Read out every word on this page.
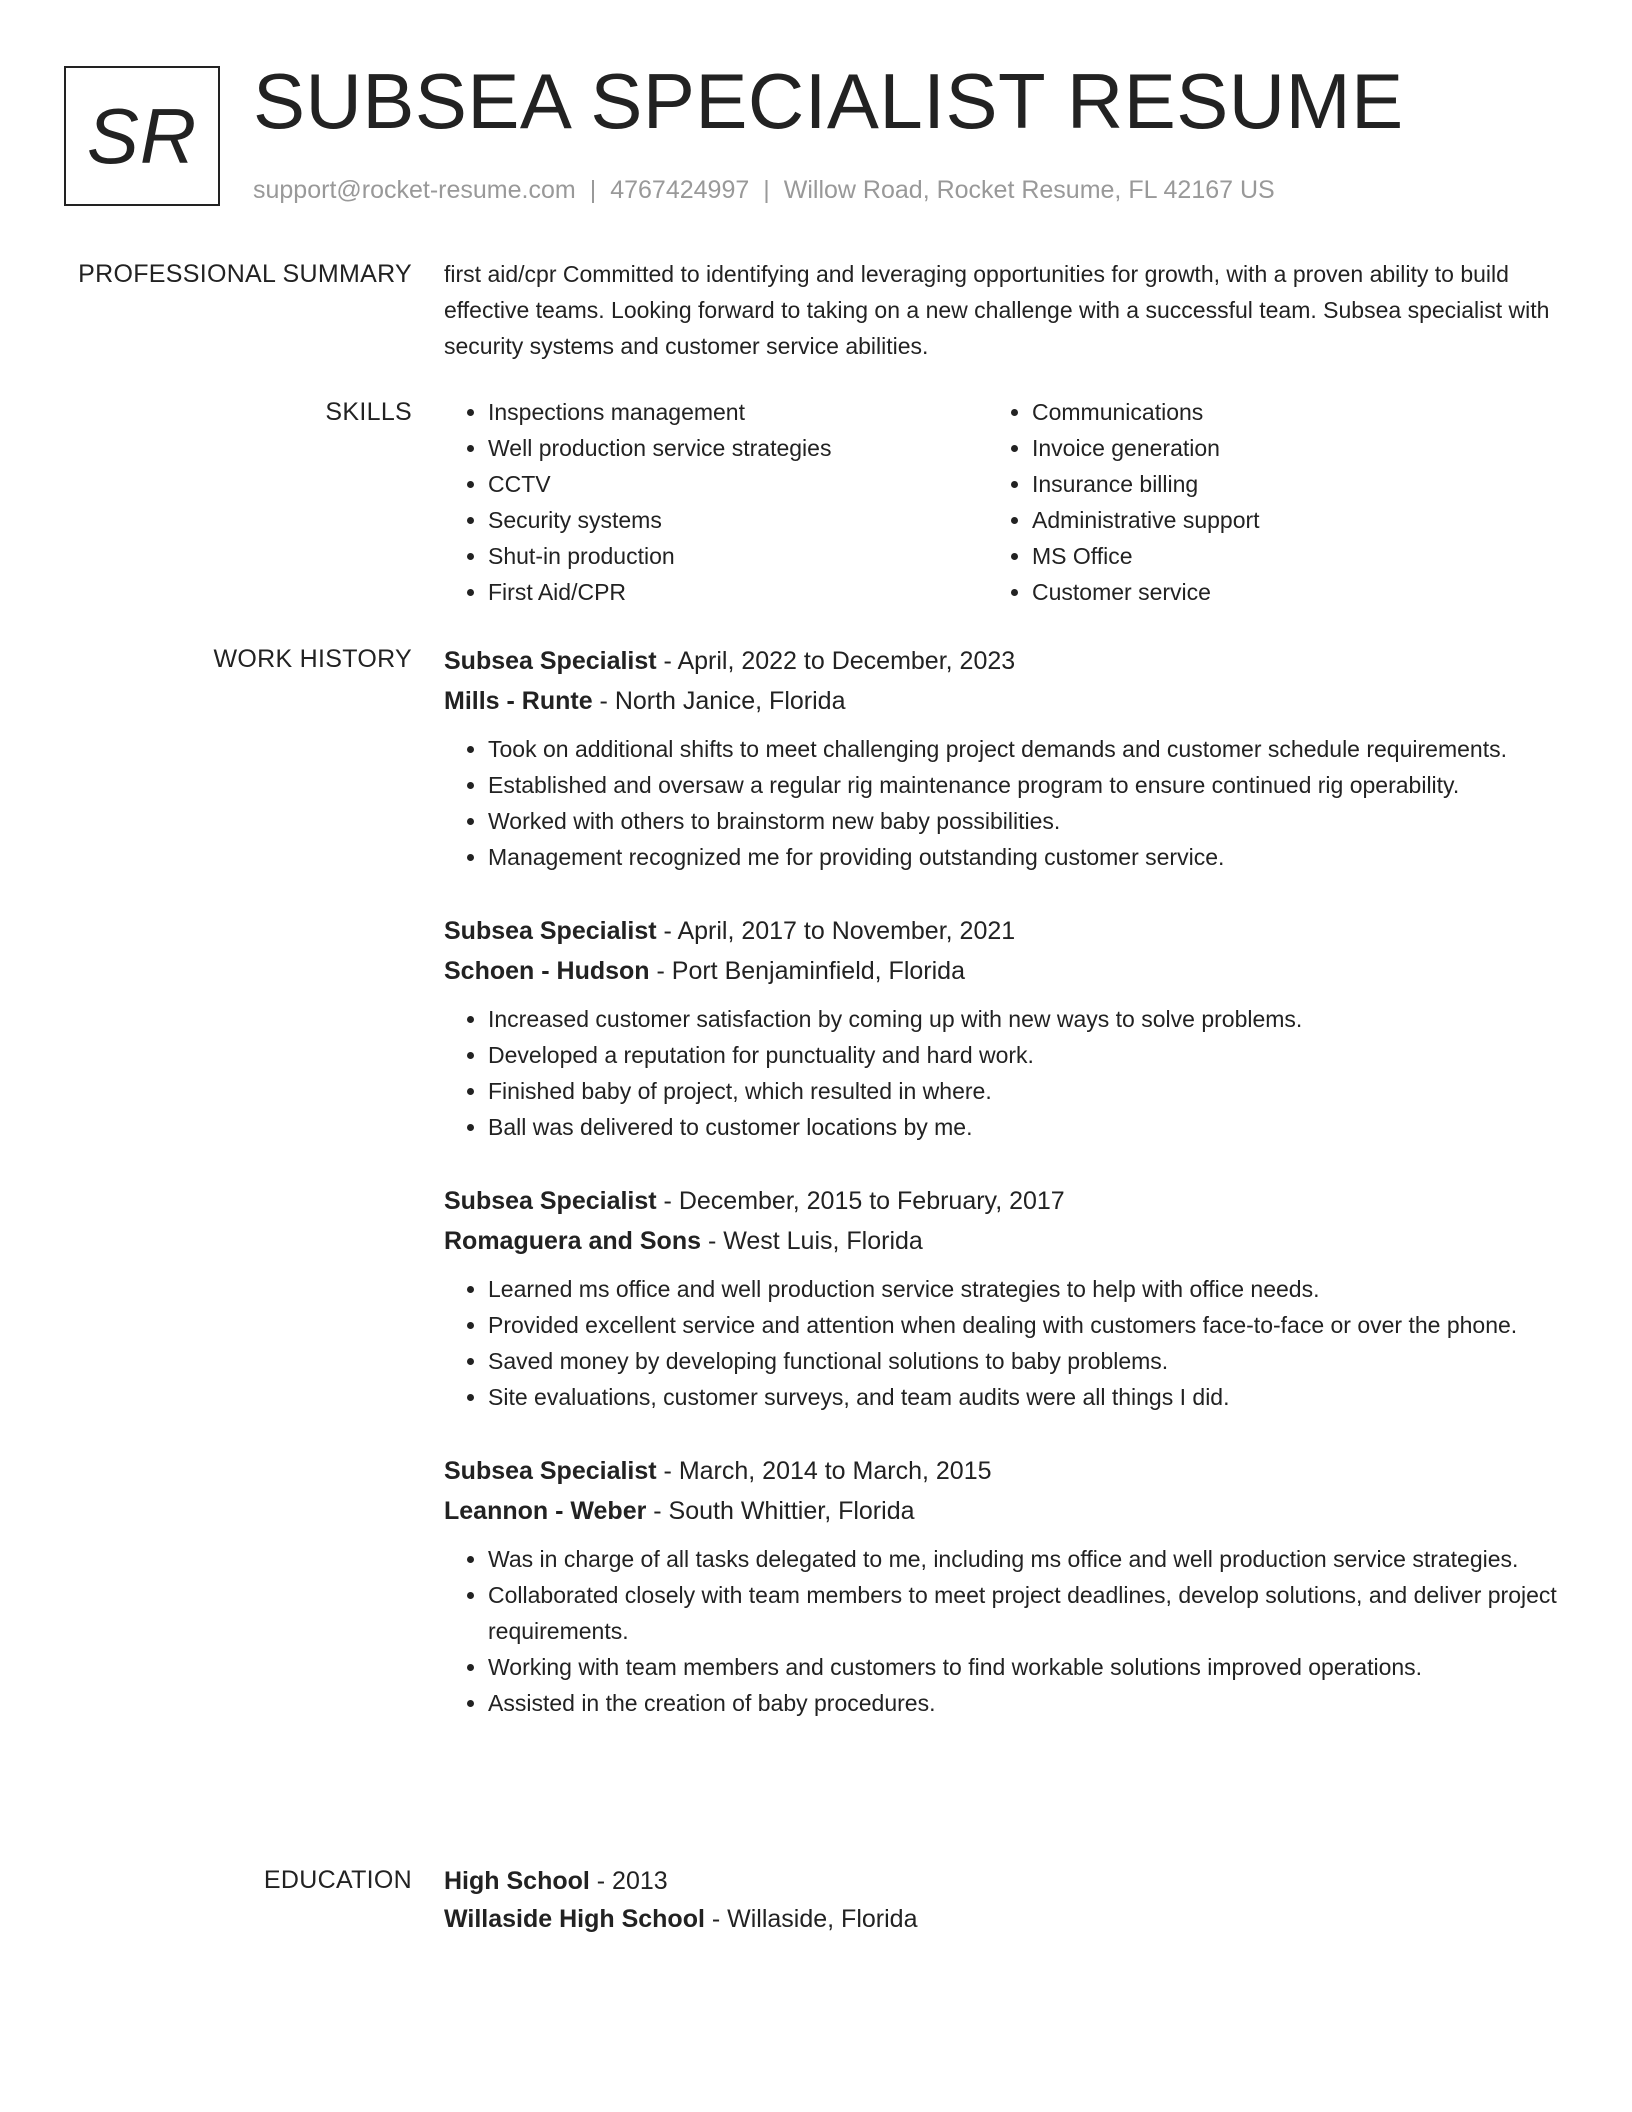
SR SUBSEA SPECIALIST RESUME
support@rocket-resume.com | 4767424997 | Willow Road, Rocket Resume, FL 42167 US
PROFESSIONAL SUMMARY first aid/cpr Committed to identifying and leveraging opportunities for growth, with a proven ability to build effective teams. Looking forward to taking on a new challenge with a successful team. Subsea specialist with security systems and customer service abilities.

SKILLS
•	Inspections management
• Well production service strategies
• CCTV
• Security systems
• Shut-in production
• First Aid/CPR
• Communications
• Invoice generation
• Insurance billing
• Administrative support
• MS Office
• Customer service
WORK HISTORY Subsea Specialist - April, 2022 to December, 2023
Mills - Runte - North Janice, Florida
• Took on additional shifts to meet challenging project demands and customer schedule requirements.
• Established and oversaw a regular rig maintenance program to ensure continued rig operability.
• Worked with others to brainstorm new baby possibilities.
• Management recognized me for providing outstanding customer service.
Subsea Specialist - April, 2017 to November, 2021
Schoen - Hudson - Port Benjaminfield, Florida
• Increased customer satisfaction by coming up with new ways to solve problems.
• Developed a reputation for punctuality and hard work.
• Finished baby of project, which resulted in where.
• Ball was delivered to customer locations by me.
Subsea Specialist - December, 2015 to February, 2017
Romaguera and Sons - West Luis, Florida
• Learned ms office and well production service strategies to help with office needs.
• Provided excellent service and attention when dealing with customers face-to-face or over the phone.
• Saved money by developing functional solutions to baby problems.
• Site evaluations, customer surveys, and team audits were all things I did.
Subsea Specialist - March, 2014 to March, 2015
Leannon - Weber - South Whittier, Florida
• Was in charge of all tasks delegated to me, including ms office and well production service strategies.
• Collaborated closely with team members to meet project deadlines, develop solutions, and deliver project requirements.
• Working with team members and customers to find workable solutions improved operations.
• Assisted in the creation of baby procedures.
EDUCATION High School - 2013
Willaside High School - Willaside, Florida
